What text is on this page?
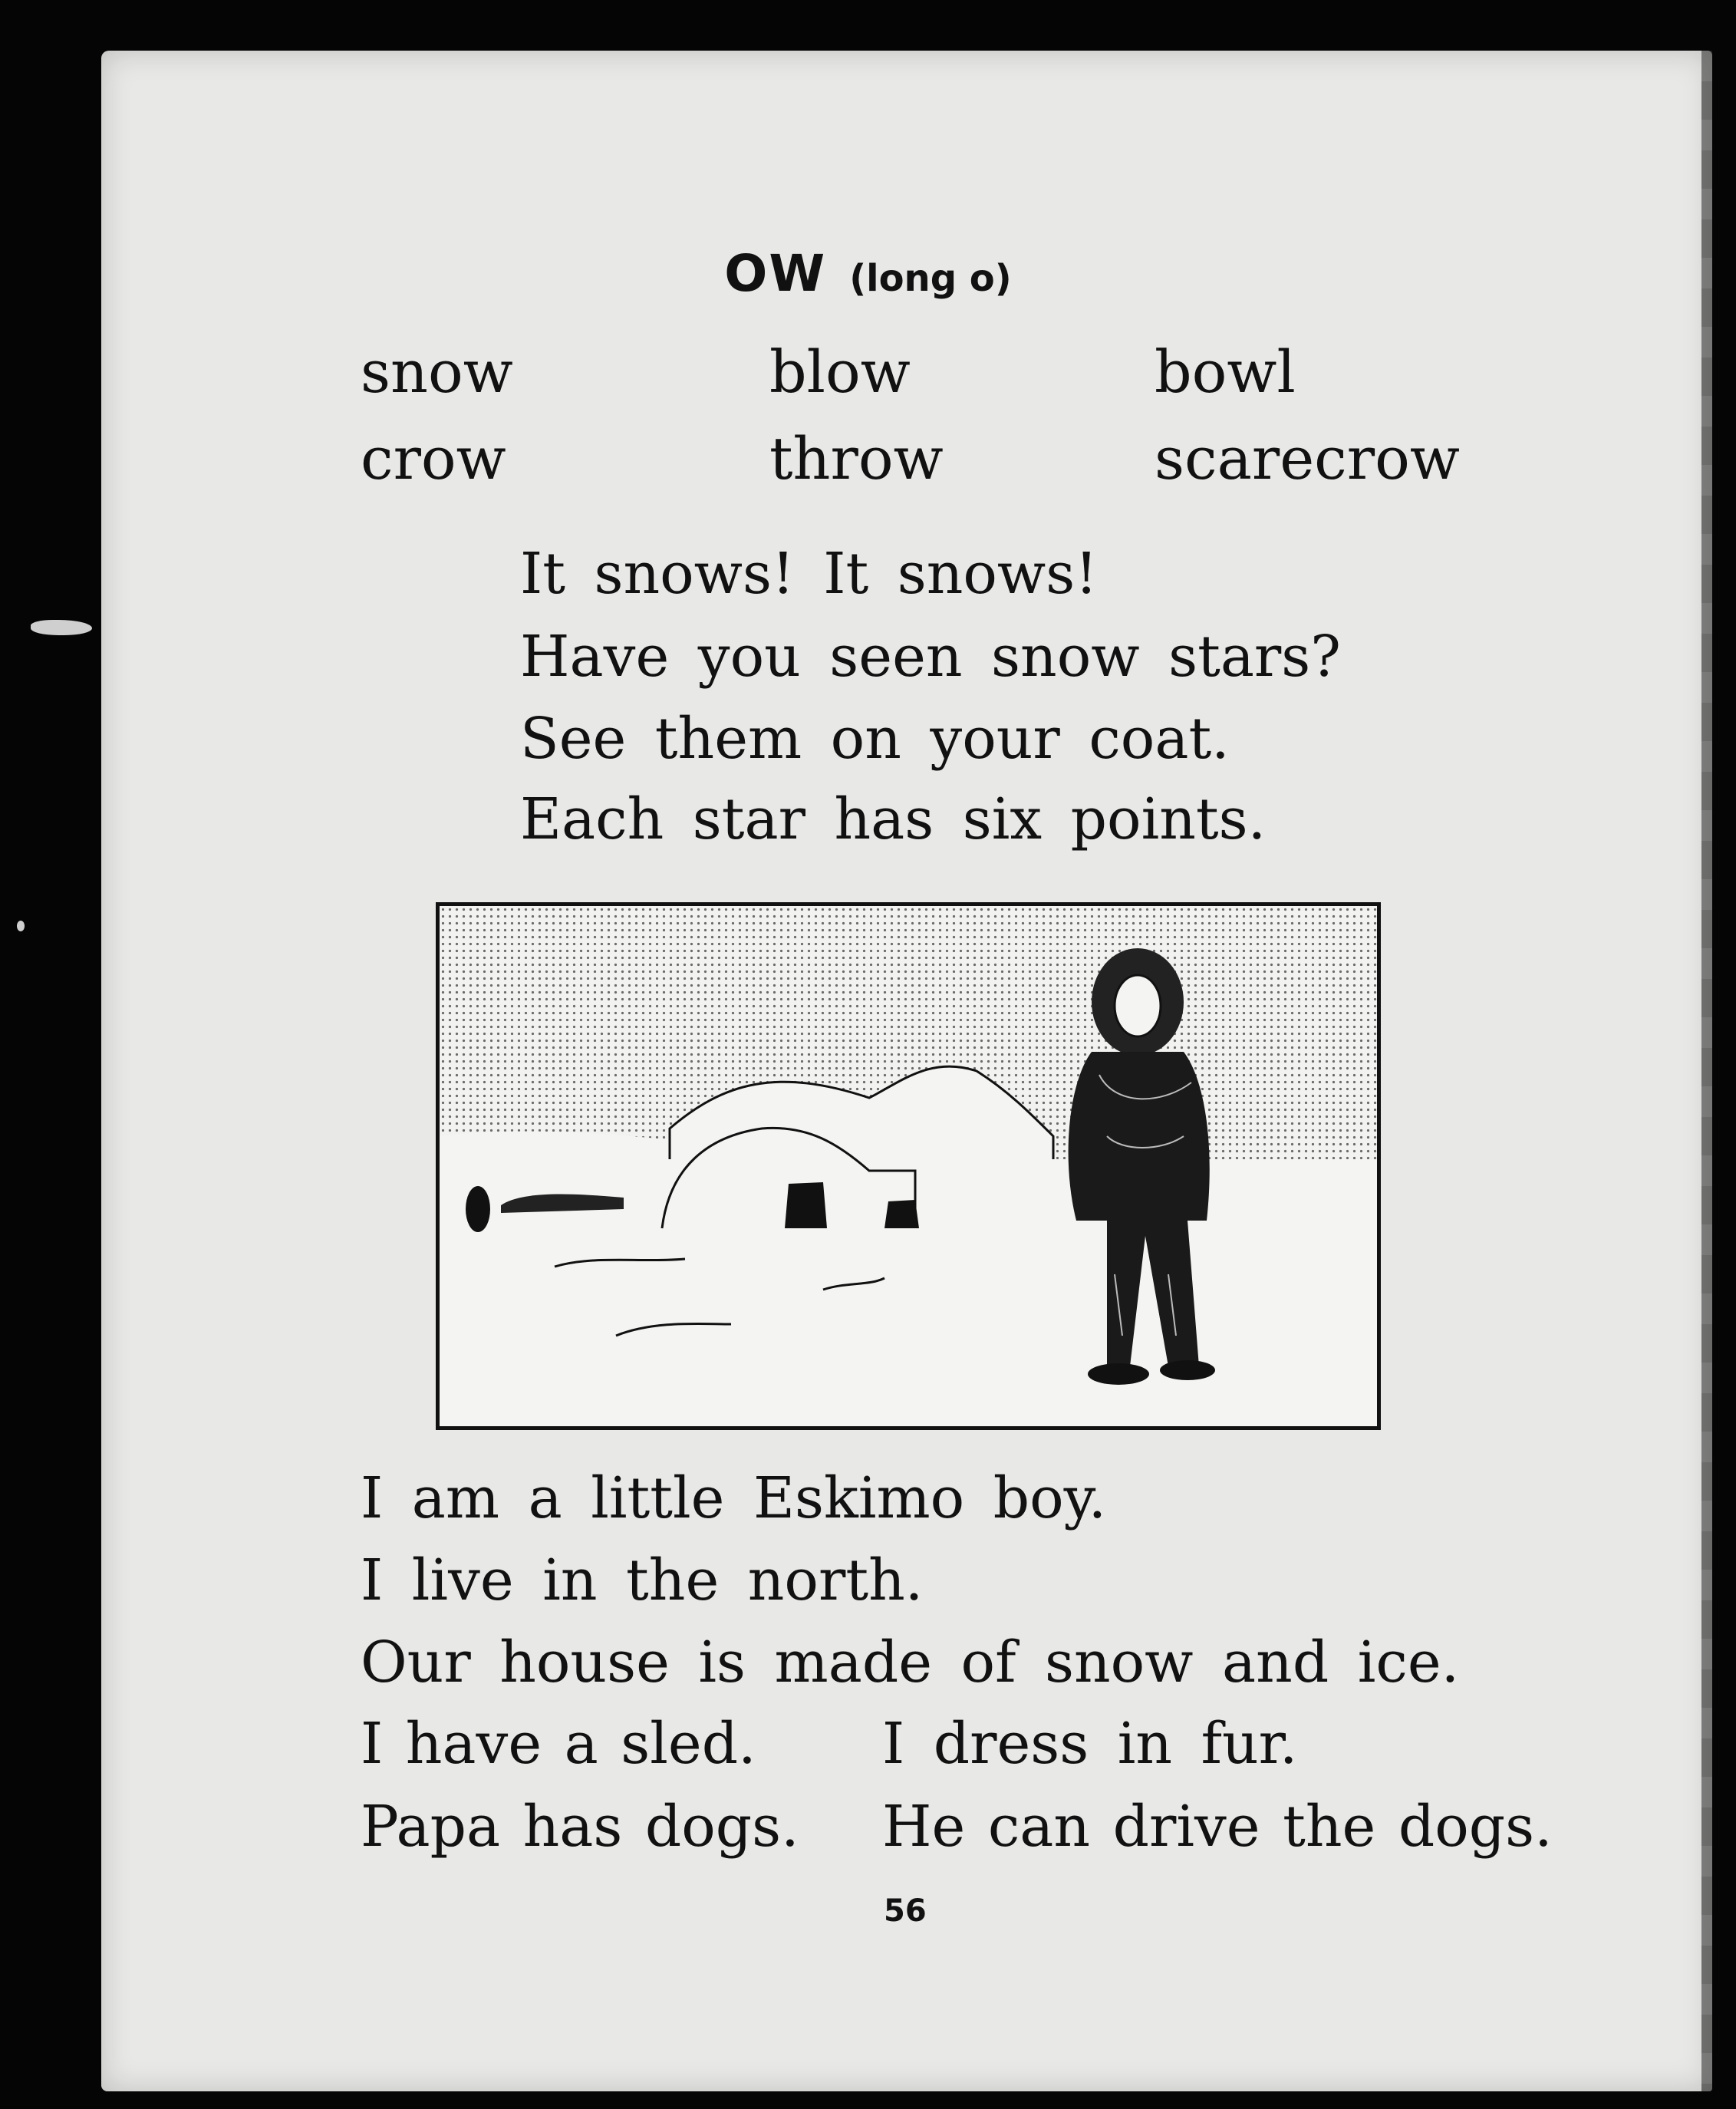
OW (long o)
snow	blow	bowl
crow	throw	scarecrow
It snows! It snows!
Have you seen snow stars?
See them on your coat.
Each star has six points.
I am a little Eskimo boy.
I live in the north.
Our house is made of snow and ice.
I have a sled. I dress in fur.
Papa has dogs. He can drive the dogs.
56
